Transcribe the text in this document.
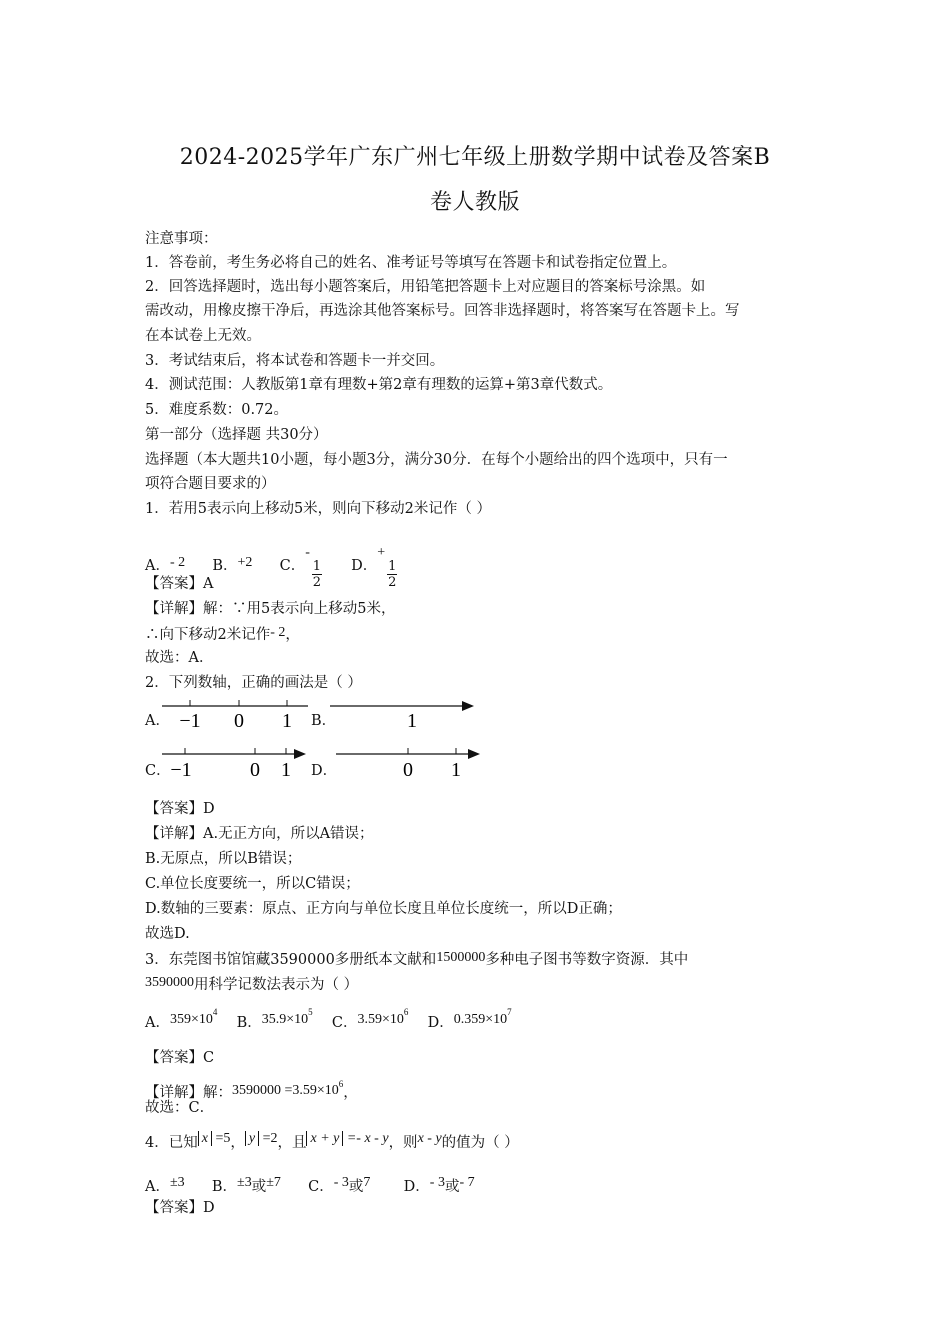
2024-2025学年广东广州七年级上册数学期中试卷及答案B
卷人教版
注意事项：
1．答卷前，考生务必将自己的姓名、准考证号等填写在答题卡和试卷指定位置上。
2．回答选择题时，选出每小题答案后，用铅笔把答题卡上对应题目的答案标号涂黑。如
需改动，用橡皮擦干净后，再选涂其他答案标号。回答非选择题时，将答案写在答题卡上。写
在本试卷上无效。
3．考试结束后，将本试卷和答题卡一并交回。
4．测试范围：人教版第1章有理数+第2章有理数的运算+第3章代数式。
5．难度系数：0.72。
第一部分（选择题 共30分）
选择题（本大题共10小题，每小题3分，满分30分．在每个小题给出的四个选项中，只有一
项符合题目要求的）
1．若用5表示向上移动5米，则向下移动2米记作（ ）
A．- 2 B．+2 C．-
$\frac{1}{2}$ D．+
$\frac{1}{2}$
【答案】A
【详解】解：∵用5表示向上移动5米，
∴向下移动2米记作- 2，
故选：A．
2．下列数轴，正确的画法是（ ）
A． −1 0 1 B．	1
C． −1	0 1 D．	0 1
【答案】D
【详解】A.无正方向，所以A错误；
B.无原点，所以B错误；
C.单位长度要统一，所以C错误；
D.数轴的三要素：原点、正方向与单位长度且单位长度统一，所以D正确；
故选D.
3．东莞图书馆馆藏3590000多册纸本文献和1500000多种电子图书等数字资源．其中
3590000用科学记数法表示为（ ）
A．$359\times 10^4$  B．$35.9\times 10^5$  C．$3.59\times 10^6$  D．$0.359\times 10^7$
【答案】C
【详解】解：$3590000 =3.59\times 10^6$，
故选：C．
4．已知 x =5， y =2，且 x + y =- x - y，则x - y的值为（ ）
A．±3 B．±3或±7 C．- 3或7 D．- 3或- 7
【答案】D
